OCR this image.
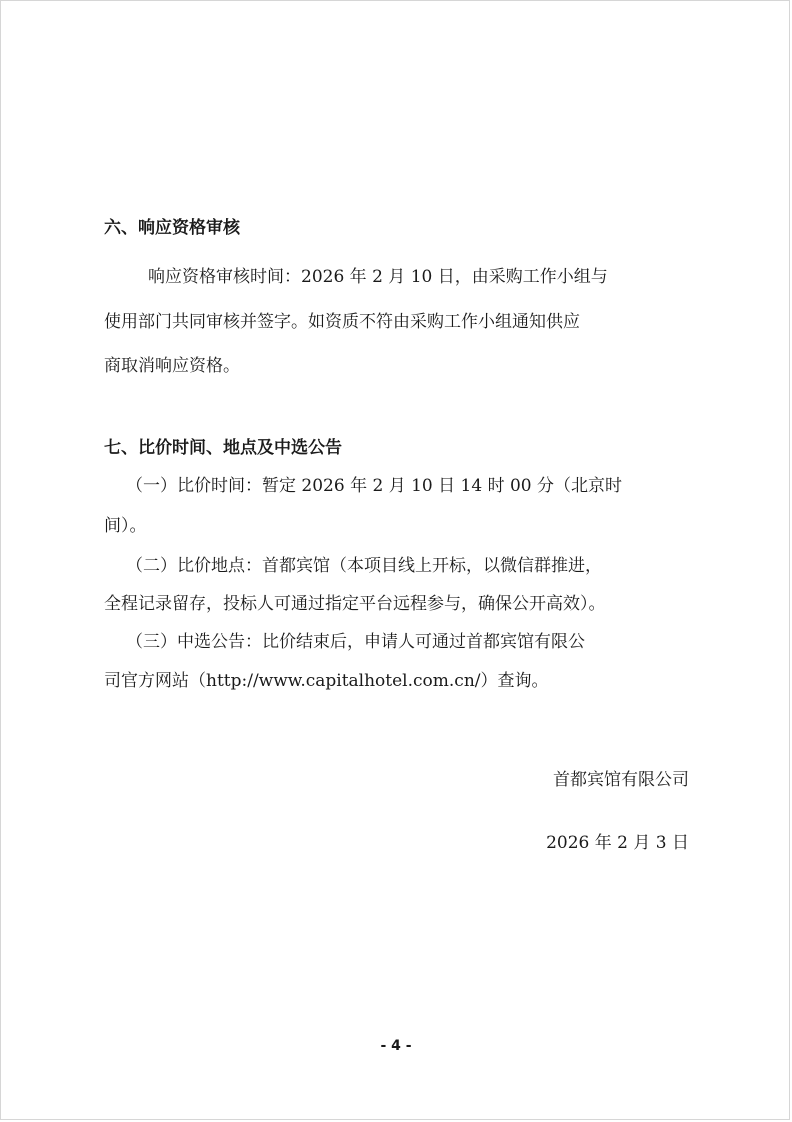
六、响应资格审核
响应资格审核时间：2026 年 2 月 10 日，由采购工作小组与
使用部门共同审核并签字。如资质不符由采购工作小组通知供应
商取消响应资格。
七、比价时间、地点及中选公告
（一）比价时间：暂定 2026 年 2 月 10 日 14 时 00 分（北京时
间）。
（二）比价地点：首都宾馆（本项目线上开标，以微信群推进，
全程记录留存，投标人可通过指定平台远程参与，确保公开高效）。
（三）中选公告：比价结束后，申请人可通过首都宾馆有限公
司官方网站（http://www.capitalhotel.com.cn/）查询。
首都宾馆有限公司
2026 年 2 月 3 日
- 4 -
